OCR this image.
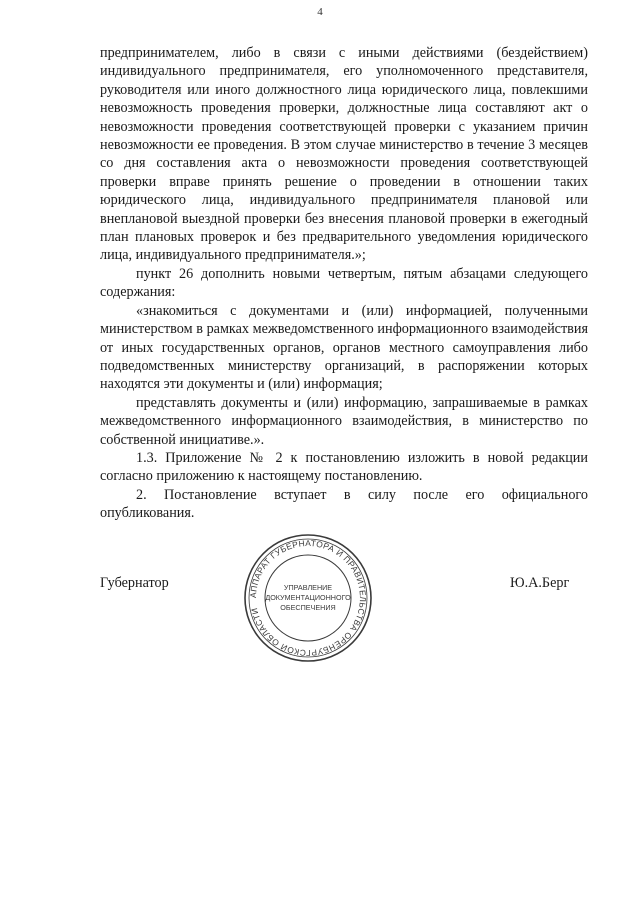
4

предпринимателем, либо в связи с иными действиями (бездействием) индивидуального предпринимателя, его уполномоченного представителя, руководителя или иного должностного лица юридического лица, повлекшими невозможность проведения проверки, должностные лица составляют акт о невозможности проведения соответствующей проверки с указанием причин невозможности ее проведения. В этом случае министерство в течение 3 месяцев со дня составления акта о невозможности проведения соответствующей проверки вправе принять решение о проведении в отношении таких юридического лица, индивидуального предпринимателя плановой или внеплановой выездной проверки без внесения плановой проверки в ежегодный план плановых проверок и без предварительного уведомления юридического лица, индивидуального предпринимателя.»;

пункт 26 дополнить новыми четвертым, пятым абзацами следующего содержания:

«знакомиться с документами и (или) информацией, полученными министерством в рамках межведомственного информационного взаимодействия от иных государственных органов, органов местного самоуправления либо подведомственных министерству организаций, в распоряжении которых находятся эти документы и (или) информация;

представлять документы и (или) информацию, запрашиваемые в рамках межведомственного информационного взаимодействия, в министерство по собственной инициативе.».

1.3. Приложение № 2 к постановлению изложить в новой редакции согласно приложению к настоящему постановлению.

2. Постановление вступает в силу после его официального опубликования.

Губернатор	Ю.А.Берг
АППАРАТ ГУБЕРНАТОРА И ПРАВИТЕЛЬСТВА ОРЕНБУРГСКОЙ ОБЛАСТИ
УПРАВЛЕНИЕ
ДОКУМЕНТАЦИОННОГО
ОБЕСПЕЧЕНИЯ
